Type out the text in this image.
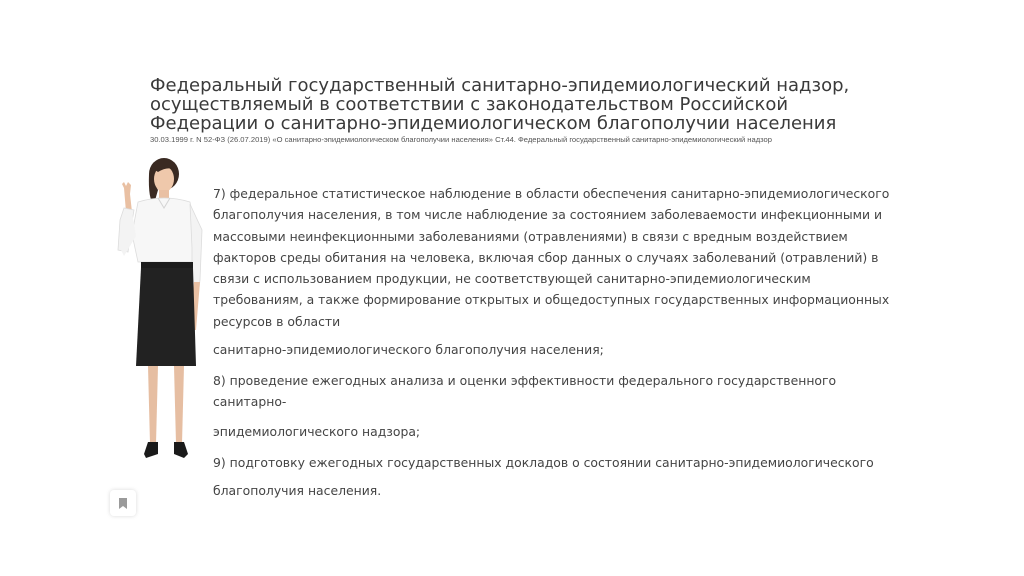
Федеральный государственный санитарно-эпидемиологический надзор, осуществляемый в соответствии с законодательством Российской Федерации о санитарно-эпидемиологическом благополучии населения
30.03.1999 г. N 52-ФЗ (26.07.2019) «О санитарно-эпидемиологическом благополучии населения» Ст.44. Федеральный государственный санитарно-эпидемиологический надзор

7) федеральное статистическое наблюдение в области обеспечения санитарно-эпидемиологического благополучия населения, в том числе наблюдение за состоянием заболеваемости инфекционными и массовыми неинфекционными заболеваниями (отравлениями) в связи с вредным воздействием факторов среды обитания на человека, включая сбор данных о случаях заболеваний (отравлений) в связи с использованием продукции, не соответствующей санитарно-эпидемиологическим требованиям, а также формирование открытых и общедоступных государственных информационных ресурсов в области

санитарно-эпидемиологического благополучия населения;

8) проведение ежегодных анализа и оценки эффективности федерального государственного санитарно-

эпидемиологического надзора;

9) подготовку ежегодных государственных докладов о состоянии санитарно-эпидемиологического

благополучия населения.
